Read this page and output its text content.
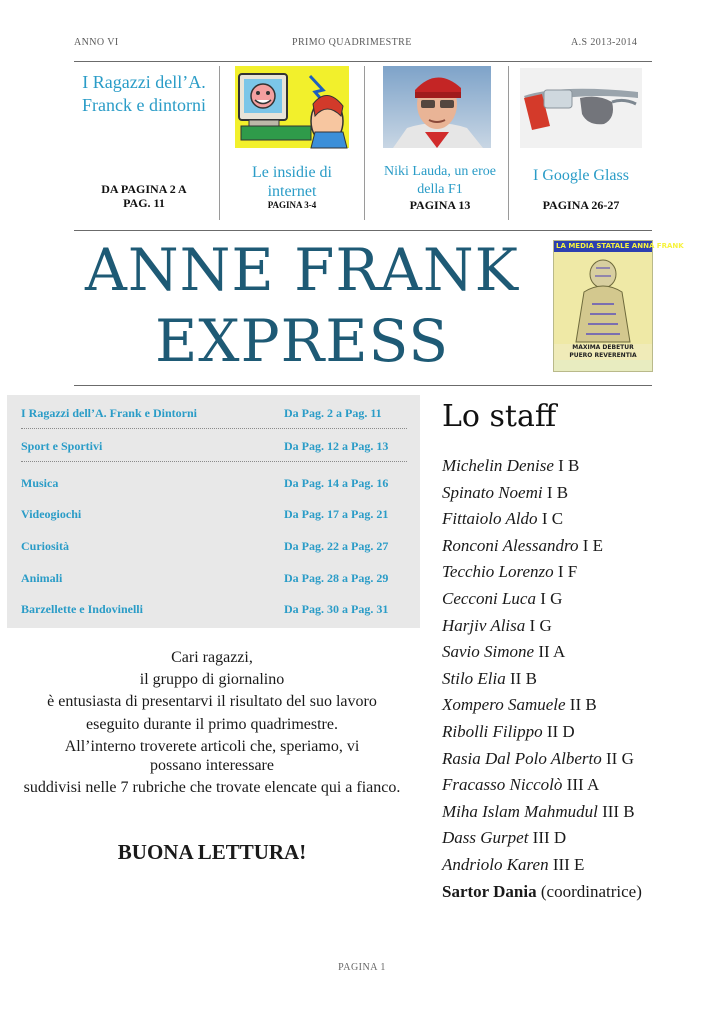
ANNO VI	PRIMO QUADRIMESTRE	A.S 2013-2014
I Ragazzi dell’A. Franck e dintorni
DA PAGINA 2 A PAG. 11
Le insidie di internet
PAGINA 3-4
Niki Lauda, un eroe della F1
PAGINA 13
I Google Glass
PAGINA 26-27
ANNE FRANK
EXPRESS
LA MEDIA STATALE ANNA FRANK
MAXIMA DEBETUR
PUERO REVERENTIA
I Ragazzi dell’A. Frank e Dintorni	Da Pag. 2 a Pag. 11
Sport e Sportivi	Da Pag. 12 a Pag. 13
Musica	Da Pag. 14 a Pag. 16
Videogiochi	Da Pag. 17 a Pag. 21
Curiosità	Da Pag. 22 a Pag. 27
Animali	Da Pag. 28 a Pag. 29
Barzellette e Indovinelli	Da Pag. 30 a Pag. 31

Cari ragazzi,

il gruppo di giornalino

è entusiasta di presentarvi il risultato del suo lavoro

eseguito durante il primo quadrimestre.

All’interno troverete articoli che, speriamo, vi possano interessare

suddivisi nelle 7 rubriche che trovate elencate qui a fianco.

BUONA LETTURA!
Lo staff
Michelin Denise I B
Spinato Noemi I B
Fittaiolo Aldo I C
Ronconi Alessandro I E
Tecchio Lorenzo I F
Cecconi Luca I G
Harjiv Alisa I G
Savio Simone II A
Stilo Elia II B
Xompero Samuele II B
Ribolli Filippo II D
Rasia Dal Polo Alberto II G
Fracasso Niccolò III A
Miha Islam Mahmudul III B
Dass Gurpet III D
Andriolo Karen III E
Sartor Dania (coordinatrice)
PAGINA 1
